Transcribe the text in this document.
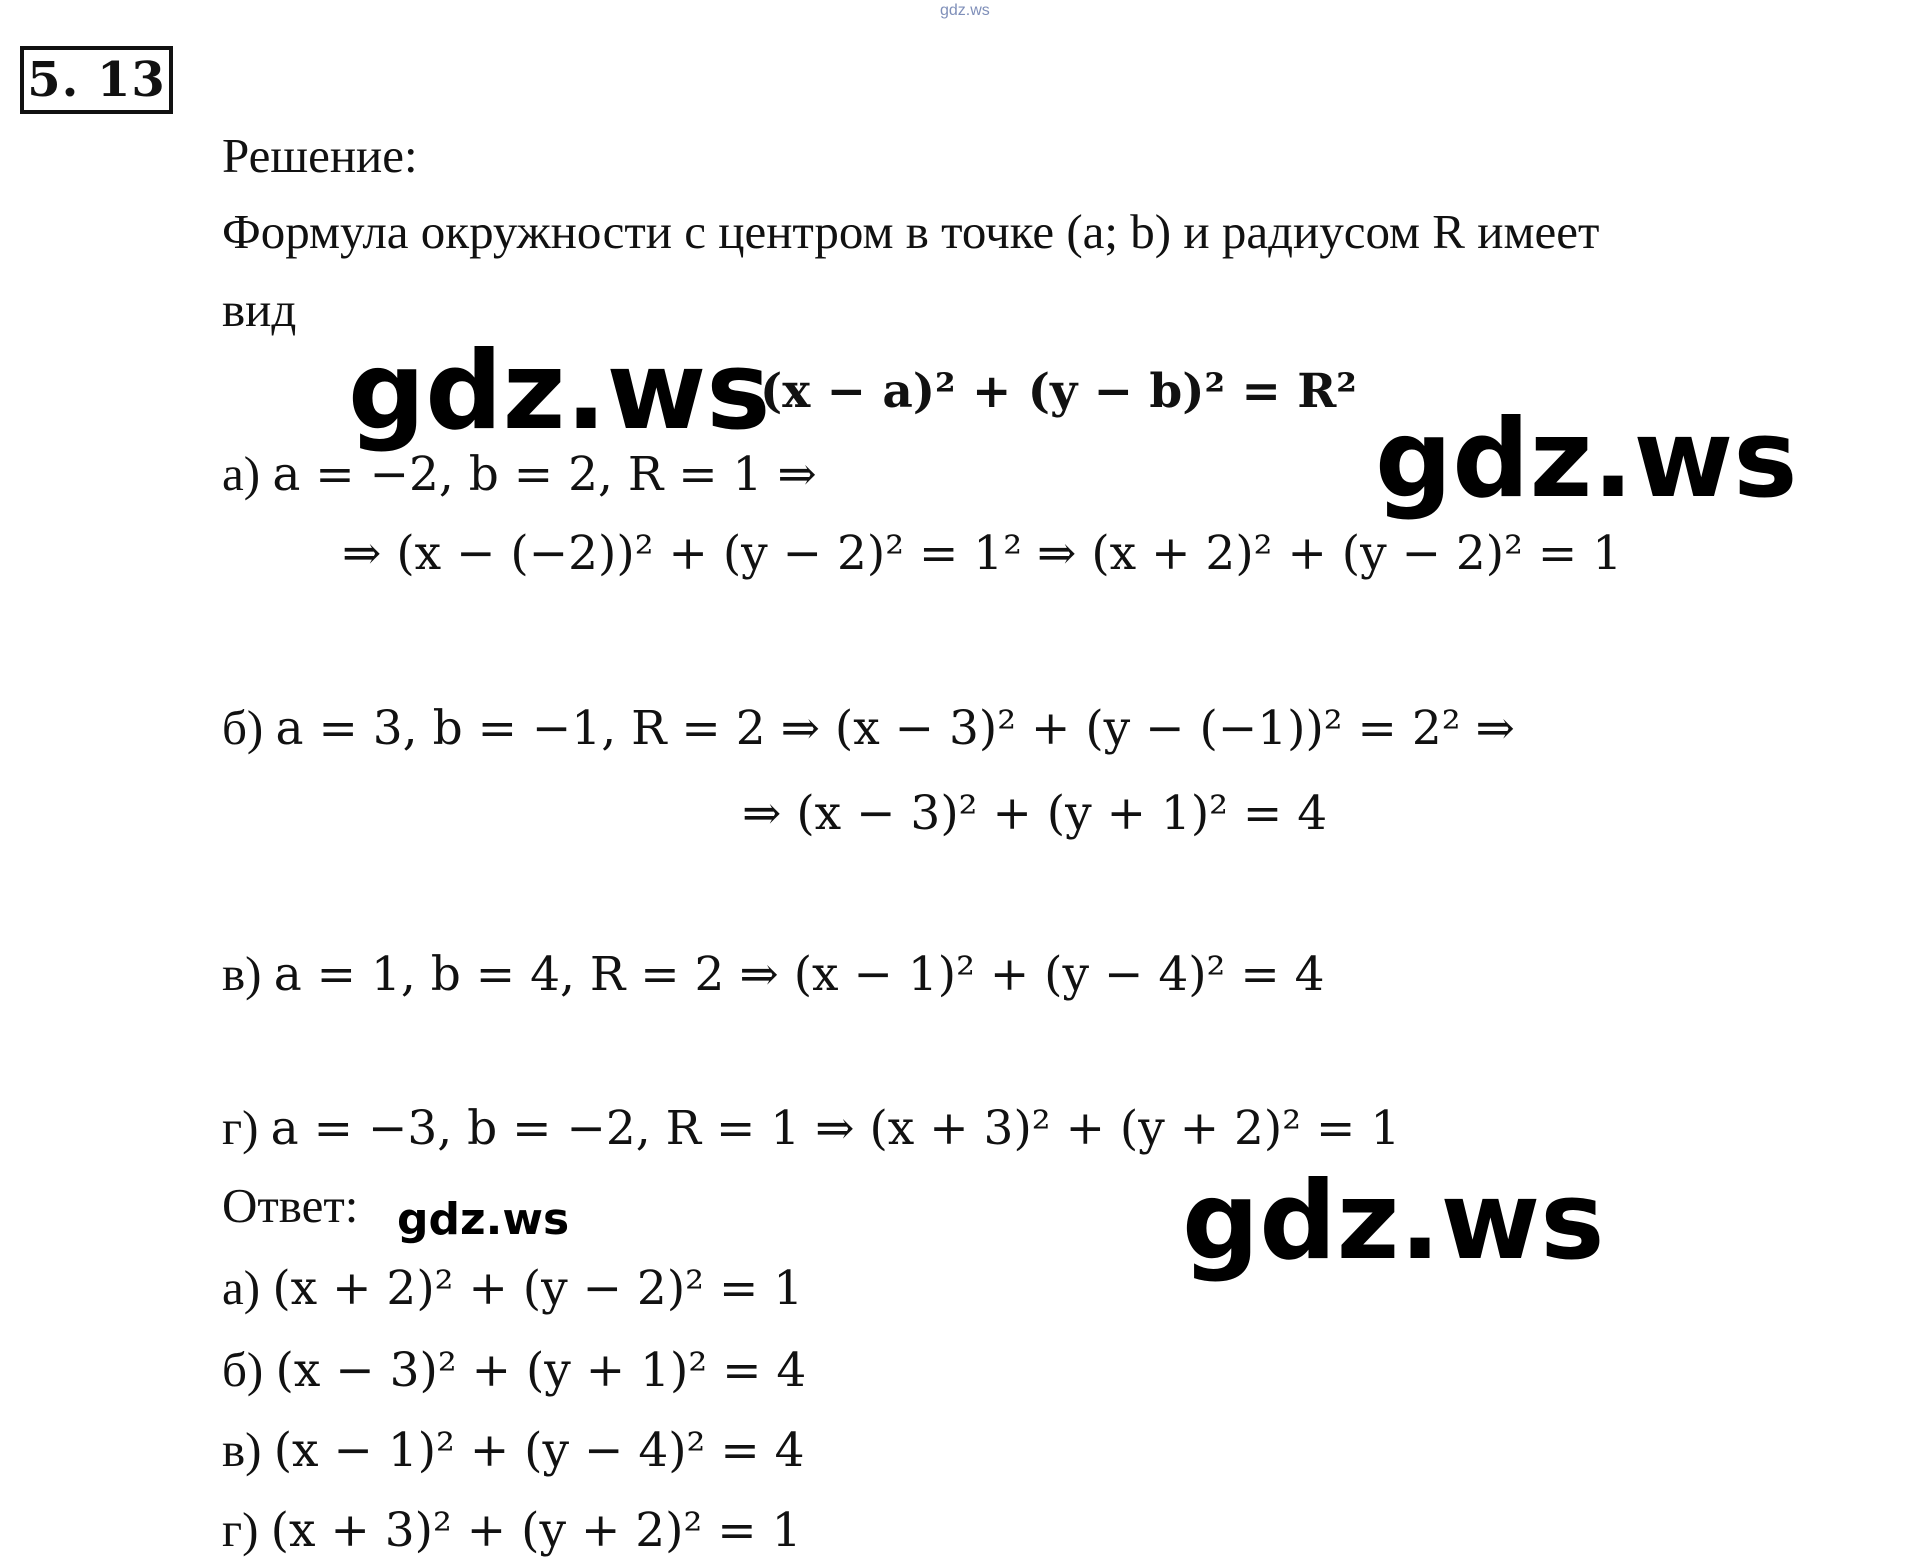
gdz.ws
5. 13
Решение:
Формула окружности с центром в точке (a; b) и радиусом R имеет
вид
(x − a)² + (y − b)² = R²
а) a = −2, b = 2, R = 1 ⇒
⇒ (x − (−2))² + (y − 2)² = 1² ⇒ (x + 2)² + (y − 2)² = 1
б) a = 3, b = −1, R = 2 ⇒ (x − 3)² + (y − (−1))² = 2² ⇒
⇒ (x − 3)² + (y + 1)² = 4
в) a = 1, b = 4, R = 2 ⇒ (x − 1)² + (y − 4)² = 4
г) a = −3, b = −2, R = 1 ⇒ (x + 3)² + (y + 2)² = 1
Ответ:
а) (x + 2)² + (y − 2)² = 1
б) (x − 3)² + (y + 1)² = 4
в) (x − 1)² + (y − 4)² = 4
г) (x + 3)² + (y + 2)² = 1
gdz.ws
gdz.ws
gdz.ws	gdz.ws
